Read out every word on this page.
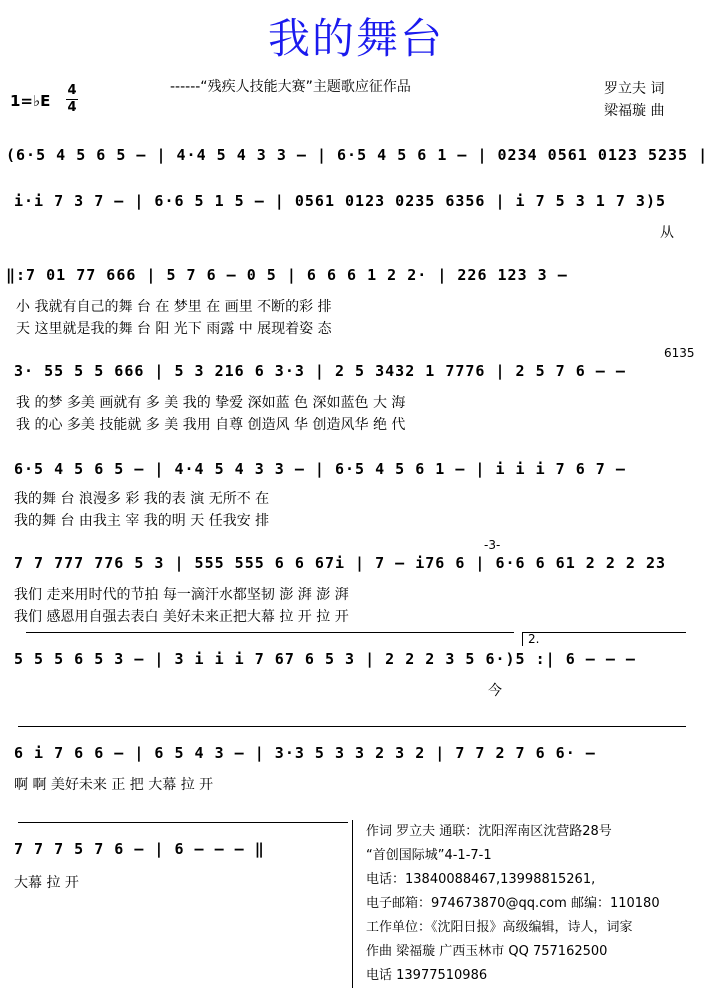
我的舞台
------“残疾人技能大赛”主题歌应征作品	罗立夫 词
梁福璇 曲
1=♭E
4
4
(6·5 4 5 6 5 – | 4·4 5 4 3 3 – | 6·5 4 5 6 1 – | 0234 0561 0123 5235 |
i·i 7 3 7 – | 6·6 5 1 5 – | 0561 0123 0235 6356 | i 7 5 3 1 7 3)5
从
‖:7 01 77 666 | 5 7 6 – 0 5 | 6 6 6 1 2 2· | 226 123 3 –
小 我就有自己的舞 台 在 梦里 在 画里 不断的彩 排
天 这里就是我的舞 台 阳 光下 雨露 中 展现着姿 态
6135
3· 55 5 5 666 | 5 3 216 6 3·3 | 2 5 3432 1 7776 | 2 5 7 6 – –
我 的梦 多美 画就有 多 美 我的 挚爱 深如蓝 色 深如蓝色 大 海
我 的心 多美 技能就 多 美 我用 自尊 创造风 华 创造风华 绝 代
6·5 4 5 6 5 – | 4·4 5 4 3 3 – | 6·5 4 5 6 1 – | i i i 7 6 7 –
我的舞 台 浪漫多 彩 我的表 演 无所不 在
我的舞 台 由我主 宰 我的明 天 任我安 排
-3-
7 7 777 776 5 3 | 555 555 6 6 67i | 7 – i76 6 | 6·6 6 61 2 2 2 23
我们 走来用时代的节拍 每一滴汗水都坚韧 澎 湃 澎 湃
我们 感恩用自强去表白 美好未来正把大幕 拉 开 拉 开
2.
5 5 5 6 5 3 – | 3 i i i 7 67 6 5 3 | 2 2 2 3 5 6·)5 :| 6 – – –
今
6 i 7 6 6 – | 6 5 4 3 – | 3·3 5 3 3 2 3 2 | 7 7 2 7 6 6· –
啊 啊 美好未来 正 把 大幕 拉 开
7 7 7 5 7 6 – | 6 – – – ‖
大幕 拉 开
作词 罗立夫 通联：沈阳浑南区沈营路28号
“首创国际城”4-1-7-1
电话：13840088467,13998815261,
电子邮箱：974673870@qq.com 邮编：110180
工作单位：《沈阳日报》高级编辑，诗人，词家
作曲 梁福璇 广西玉林市 QQ 757162500
电话 13977510986
